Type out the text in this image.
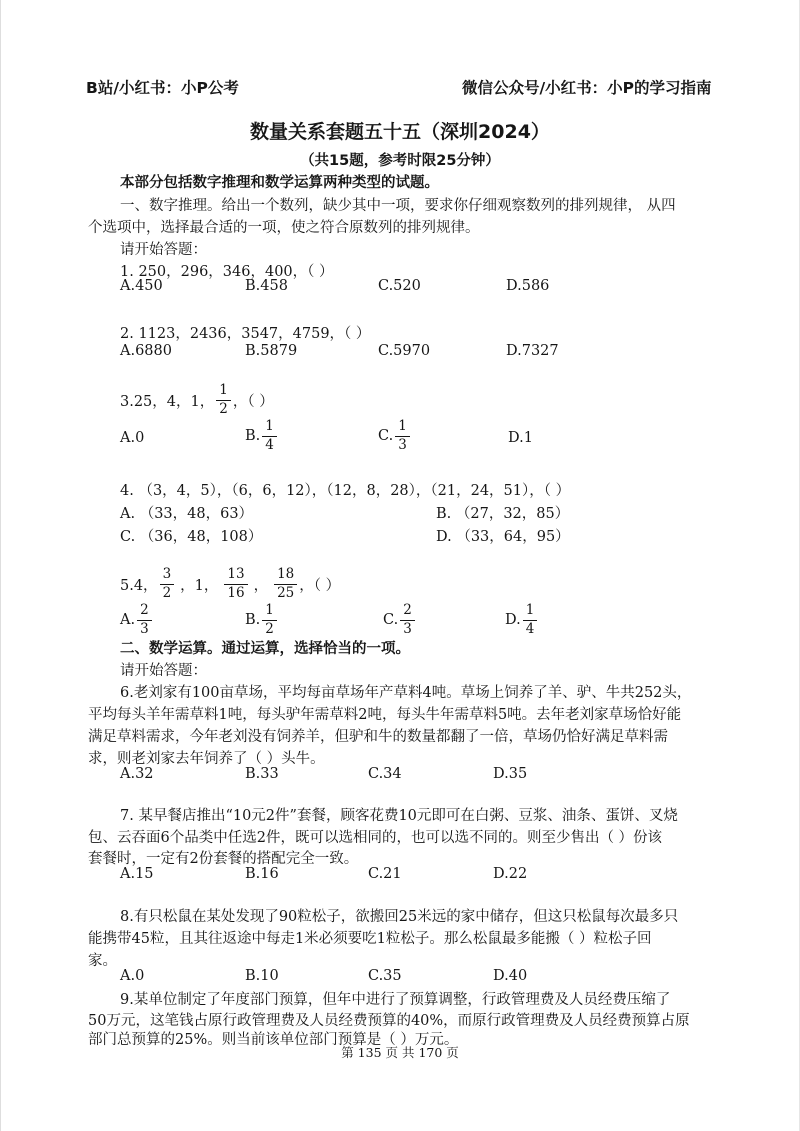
B站/小红书：小P公考	微信公众号/小红书：小P的学习指南
数量关系套题五十五（深圳2024）
（共15题，参考时限25分钟）
本部分包括数字推理和数学运算两种类型的试题。
一、数字推理。给出一个数列，缺少其中一项，要求你仔细观察数列的排列规律， 从四
个选项中，选择最合适的一项，使之符合原数列的排列规律。
请开始答题：
1. 250，296，346，400，（ ）
A.450	B.458	C.520	D.586
2. 1123，2436，3547，4759，（ ）
A.6880	B.5879	C.5970	D.7327
3.25，4，1， $\frac{1}{2}$ ，（ ）
A.0	B. $\frac{1}{4}$	C. $\frac{1}{3}$	D.1
4. （3，4，5），（6，6，12），（12，8，28），（21，24，51），（ ）
A. （33，48，63）	B. （27，32，85）
C. （36，48，108）	D. （33，64，95）
5.4， $\frac{3}{2}$ ，1， $\frac{13}{16}$ ， $\frac{18}{25}$ ，（ ）
A. $\frac{2}{3}$	B. $\frac{1}{2}$	C. $\frac{2}{3}$	D. $\frac{1}{4}$
二、数学运算。通过运算，选择恰当的一项。
请开始答题：
6.老刘家有100亩草场，平均每亩草场年产草料4吨。草场上饲养了羊、驴、牛共252头，
平均每头羊年需草料1吨，每头驴年需草料2吨，每头牛年需草料5吨。去年老刘家草场恰好能
满足草料需求，今年老刘没有饲养羊，但驴和牛的数量都翻了一倍，草场仍恰好满足草料需
求，则老刘家去年饲养了（ ）头牛。
A.32	B.33	C.34	D.35
7. 某早餐店推出“10元2件”套餐，顾客花费10元即可在白粥、豆浆、油条、蛋饼、叉烧
包、云吞面6个品类中任选2件，既可以选相同的，也可以选不同的。则至少售出（ ）份该
套餐时，一定有2份套餐的搭配完全一致。
A.15	B.16	C.21	D.22
8.有只松鼠在某处发现了90粒松子，欲搬回25米远的家中储存，但这只松鼠每次最多只
能携带45粒，且其往返途中每走1米必须要吃1粒松子。那么松鼠最多能搬（ ）粒松子回
家。
A.0	B.10	C.35	D.40
9.某单位制定了年度部门预算，但年中进行了预算调整，行政管理费及人员经费压缩了
50万元，这笔钱占原行政管理费及人员经费预算的40%，而原行政管理费及人员经费预算占原
部门总预算的25%。则当前该单位部门预算是（ ）万元。
第 135 页 共 170 页
